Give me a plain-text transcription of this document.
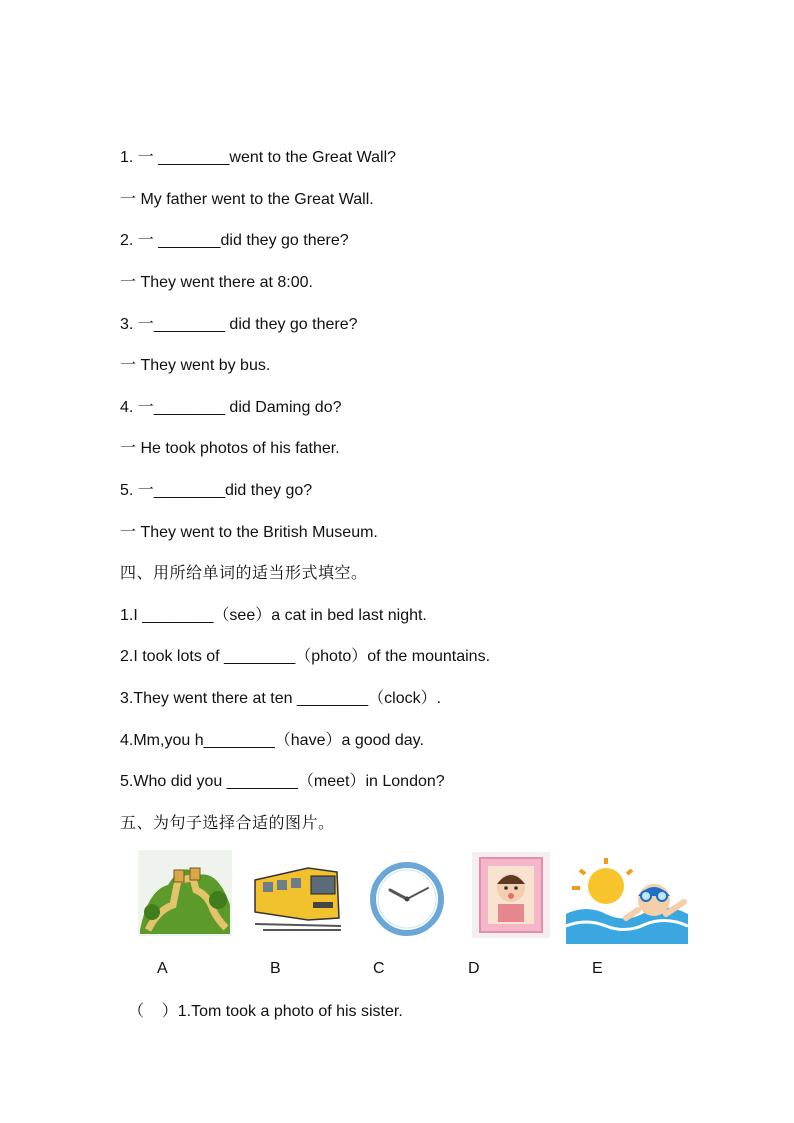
1. 一 ________went to the Great Wall?
一 My father went to the Great Wall.
2. 一 _______did they go there?
一 They went there at 8:00.
3. 一________ did they go there?
一 They went by bus.
4. 一________ did Daming do?
一 He took photos of his father.
5. 一________did they go?
一 They went to the British Museum.
四、用所给单词的适当形式填空。
1.I ________（see）a cat in bed last night.
2.I took lots of ________（photo）of the mountains.
3.They went there at ten ________（clock）.
4.Mm,you h________（have）a good day.
5.Who did you ________（meet）in London?
五、为句子选择合适的图片。
A	B	C	D	E
（    ）1.Tom took a photo of his sister.
